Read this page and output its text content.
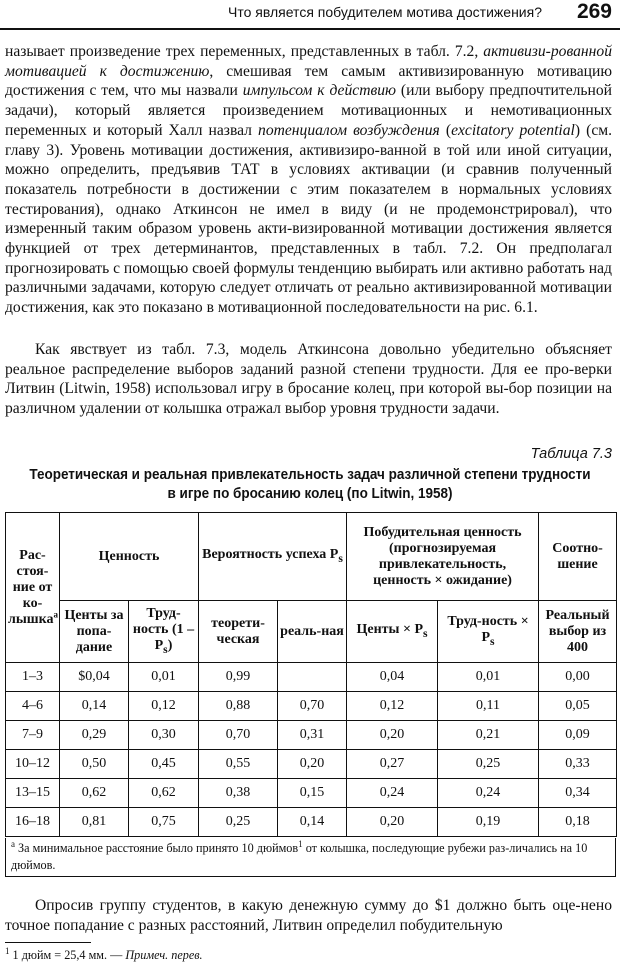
Что является побудителем мотива достижения? 269

называет произведение трех переменных, представленных в табл. 7.2, активизи-рованной мотивацией к достижению, смешивая тем самым активизированную мотивацию достижения с тем, что мы назвали импульсом к действию (или выбору предпочтительной задачи), который является произведением мотивационных и немотивационных переменных и который Халл назвал потенциалом возбуждения (excitatory potential) (см. главу 3). Уровень мотивации достижения, активизиро-ванной в той или иной ситуации, можно определить, предъявив ТАТ в условиях активации (и сравнив полученный показатель потребности в достижении с этим показателем в нормальных условиях тестирования), однако Аткинсон не имел в виду (и не продемонстрировал), что измеренный таким образом уровень акти-визированной мотивации достижения является функцией от трех детерминантов, представленных в табл. 7.2. Он предполагал прогнозировать с помощью своей формулы тенденцию выбирать или активно работать над различными задачами, которую следует отличать от реально активизированной мотивации достижения, как это показано в мотивационной последовательности на рис. 6.1.

Как явствует из табл. 7.3, модель Аткинсона довольно убедительно объясняет реальное распределение выборов заданий разной степени трудности. Для ее про-верки Литвин (Litwin, 1958) использовал игру в бросание колец, при которой вы-бор позиции на различном удалении от колышка отражал выбор уровня трудности задачи.

Таблица 7.3
Теоретическая и реальная привлекательность задач различной степени трудности
в игре по бросанию колец (по Litwin, 1958)
Рас-стоя-ние от ко-лышка$^a$	Ценность		Вероятность успеха $P_s$		Побудительная ценность (прогнозируемая привлекательность, ценность × ожидание)		Соотно-шение
	Центы за попа-дание	Труд-ность $(1 - P_s)$	теорети-ческая	реаль-ная	Центы × $P_s$	Труд-ность × $P_s$	Реальный выбор из 400
1–3	$0,04	0,01	0,99		0,04	0,01	0,00
4–6	0,14	0,12	0,88	0,70	0,12	0,11	0,05
7–9	0,29	0,30	0,70	0,31	0,20	0,21	0,09
10–12	0,50	0,45	0,55	0,20	0,27	0,25	0,33
13–15	0,62	0,62	0,38	0,15	0,24	0,24	0,34
16–18	0,81	0,75	0,25	0,14	0,20	0,19	0,18
$^a$ За минимальное расстояние было принято 10 дюймов$^1$ от колышка, последующие рубежи раз-личались на 10 дюймов.

Опросив группу студентов, в какую денежную сумму до $1 должно быть оце-нено точное попадание с разных расстояний, Литвин определил побудительную

$^1$ 1 дюйм = 25,4 мм. — Примеч. перев.
